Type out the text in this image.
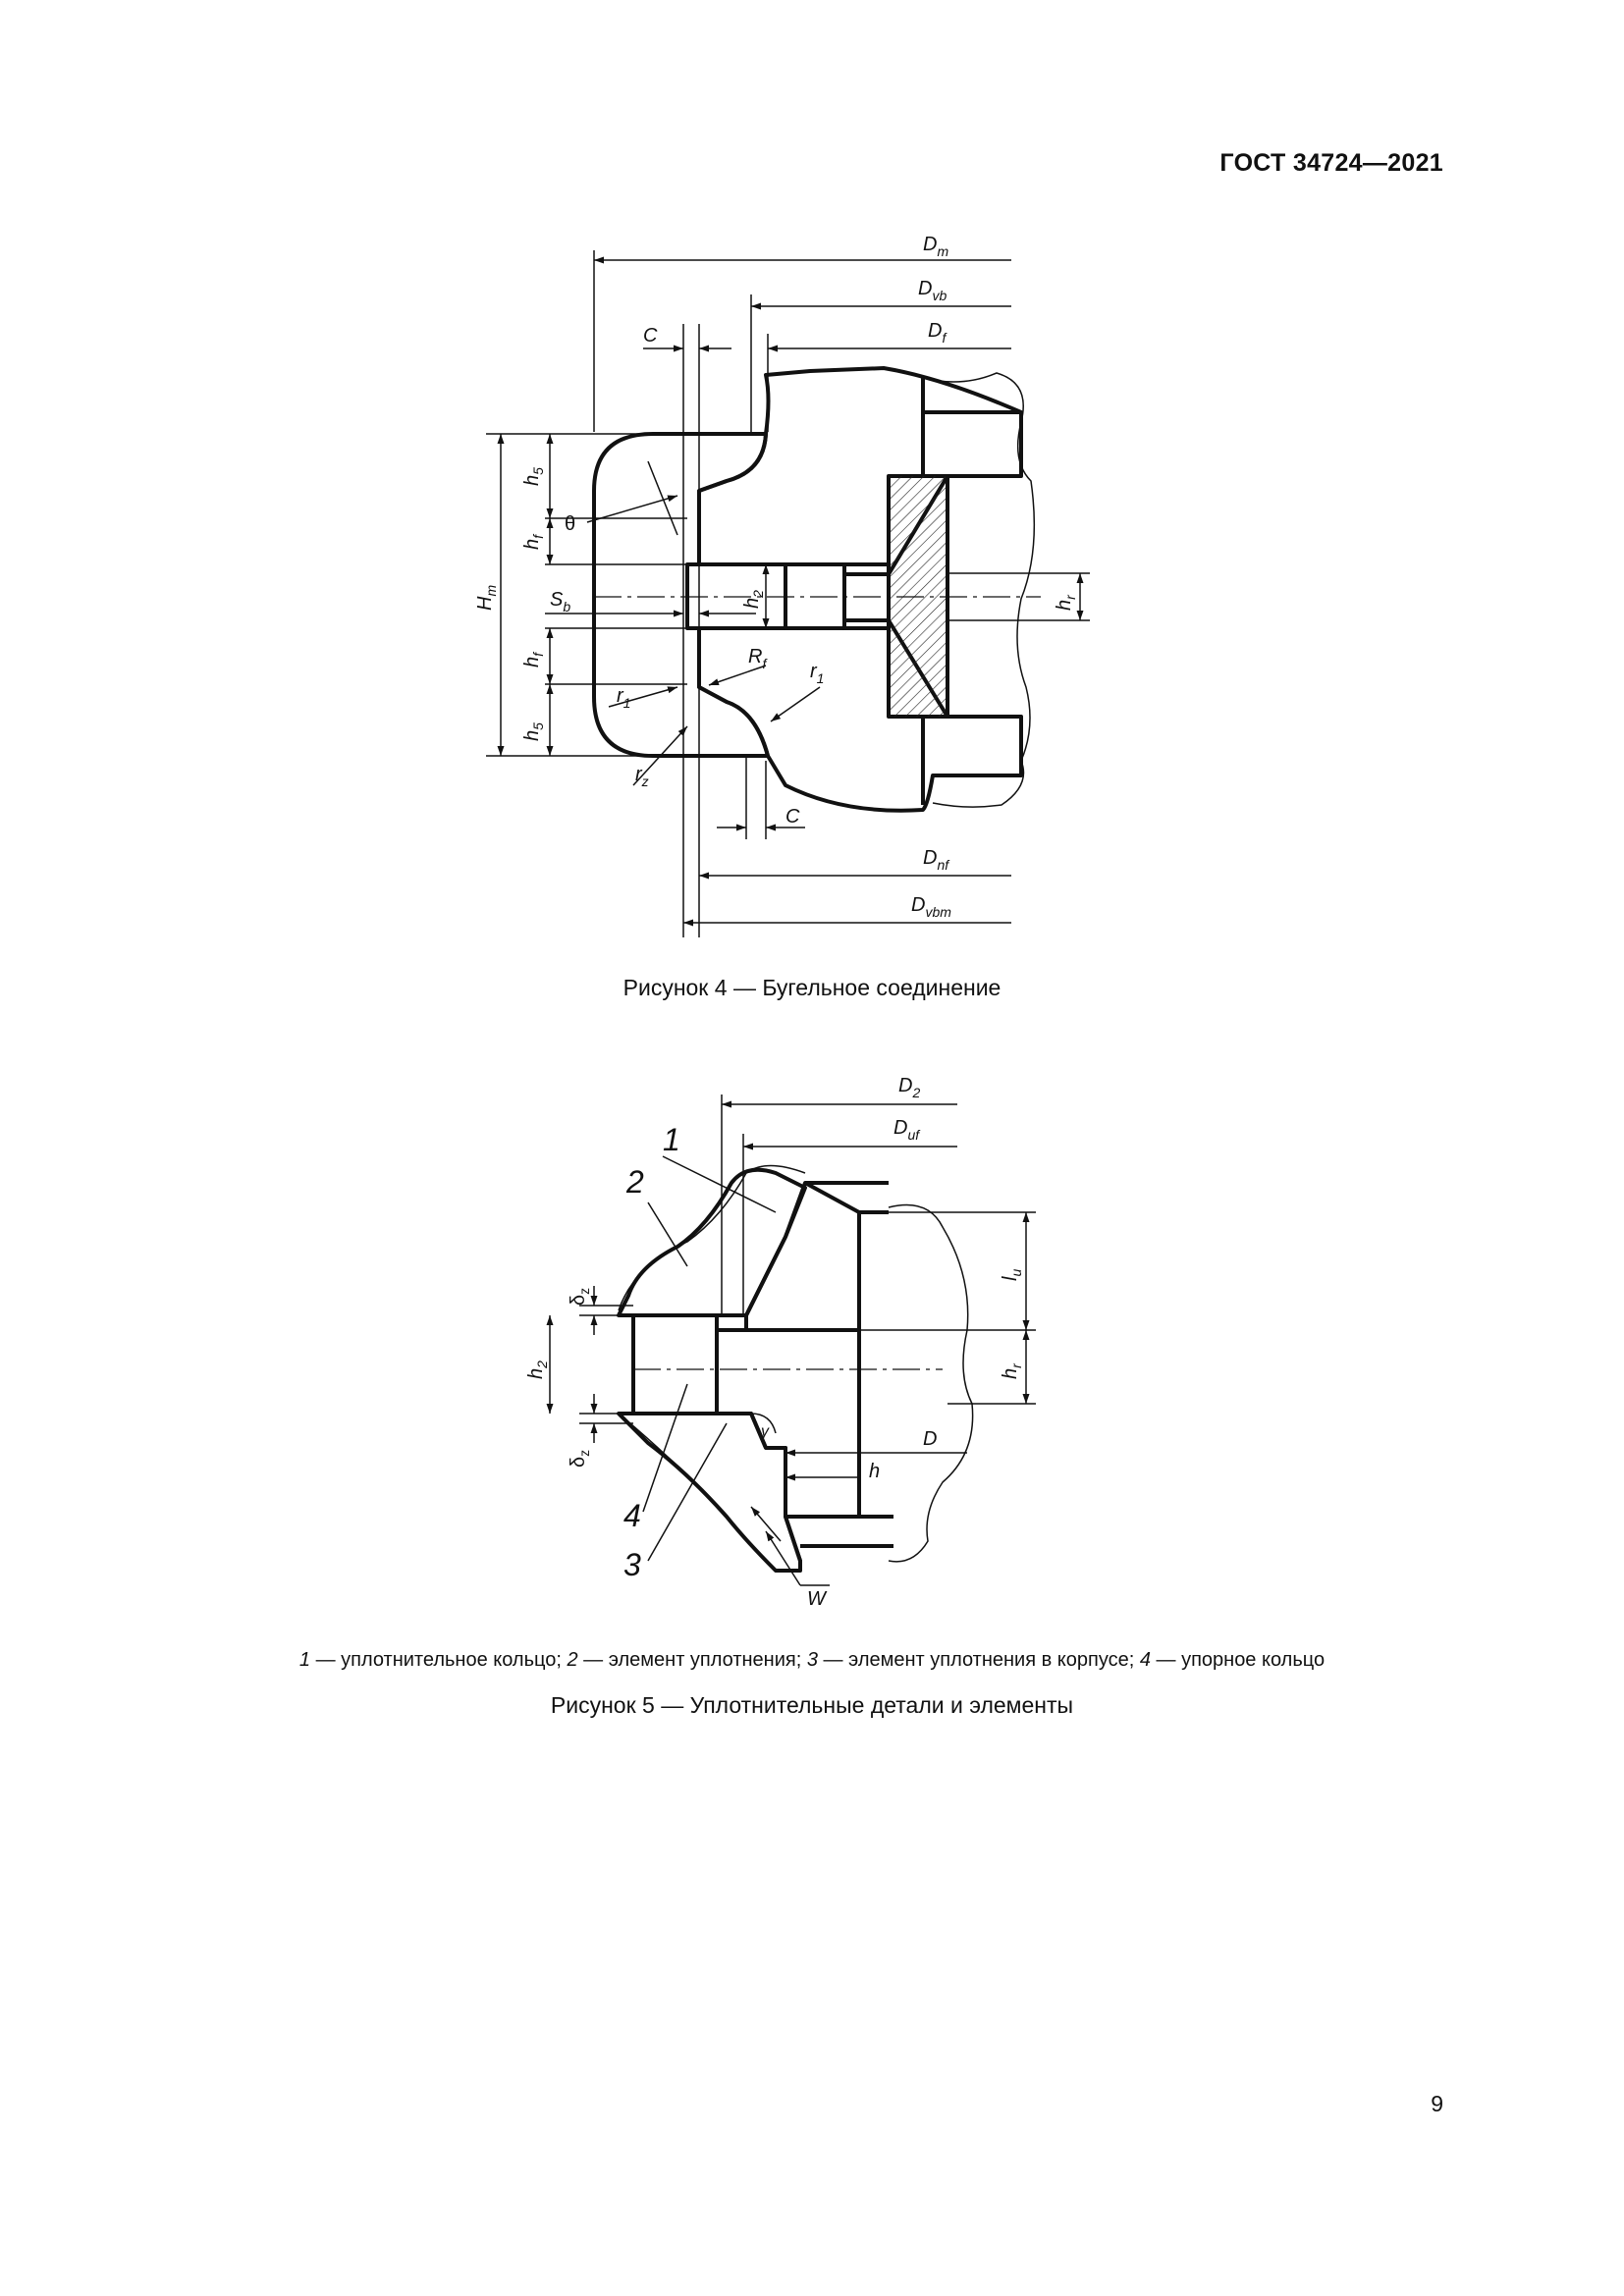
ГОСТ 34724—2021
$D_m$
$D_{vb}$
$D_f$
C
$h_5$
$h_f$
θ
$H_m$	$S_b$	$h_2$
$h_r$
$h_f$	$R_f$
$r_1$
$r_1$
$h_5$
$r_z$
C
$D_{nf}$
$D_{vbm}$
$D_2$
$D_{uf}$
1
2
$\delta_z$
$h_2$
$\delta_z$
$l_u$
$h_r$
γ	D
h
4
3
W
Рисунок 4 — Бугельное соединение
1 — уплотнительное кольцо; 2 — элемент уплотнения; 3 — элемент уплотнения в корпусе; 4 — упорное кольцо
Рисунок 5 — Уплотнительные детали и элементы
9
